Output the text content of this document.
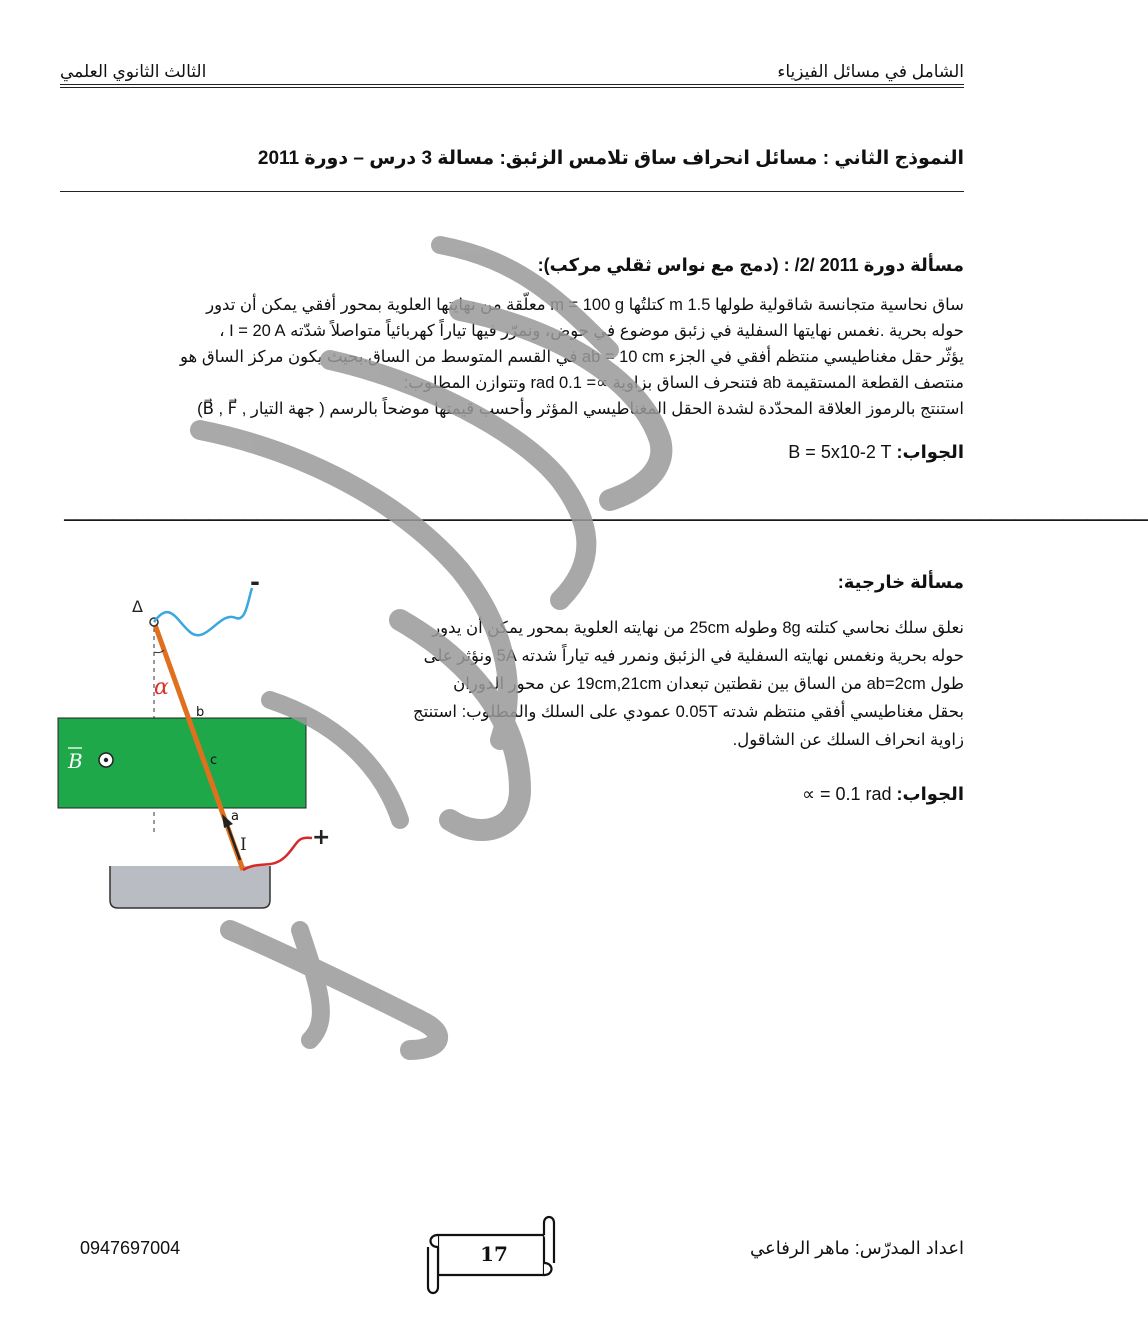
الشامل في مسائل الفيزياء
الثالث الثانوي العلمي
النموذج الثاني : مسائل انحراف ساق تلامس الزئبق: مسالة 3 درس – دورة 2011
مسألة دورة 2011 /2/ : (دمج مع نواس ثقلي مركب):

ساق نحاسية متجانسة شاقولية طولها 1.5 m كتلتُها m = 100 g معلّقة من نهايتها العلوية بمحور أفقي يمكن أن تدور

حوله بحرية .نغمس نهايتها السفلية في زئبق موضوع في حوض، ونمرّر فيها تياراً كهربائياً متواصلاً شدّته I = 20 A ،

يؤثّر حقل مغناطيسي منتظم أفقي في الجزء ab = 10 cm في القسم المتوسط من الساق.بحيث يكون مركز الساق هو

منتصف القطعة المستقيمة ab فتنحرف الساق بزاوية ∝= 0.1 rad وتتوازن المطلوب:

استنتج بالرموز العلاقة المحدّدة لشدة الحقل المغناطيسي المؤثر وأحسب قيمتها موضحاً بالرسم ( جهة التيار , B⃗ , F⃗)

الجواب: B = 5x10-2 T
──────────────────────────────────────────────────────────────────────────────────────────
مسألة خارجية:
نعلق سلك نحاسي كتلته 8g وطوله 25cm من نهايته العلوية بمحور يمكن أن يدور
حوله بحرية ونغمس نهايته السفلية في الزئبق ونمرر فيه تياراً شدته 5A ونؤثر على
طول ab=2cm من الساق بين نقطتين تبعدان 19cm,21cm عن محور الدوران
بحقل مغناطيسي أفقي منتظم شدته 0.05T عمودي على السلك والمطلوب: استنتج
زاوية انحراف السلك عن الشاقول.
الجواب: ∝ = 0.1 rad
B
Δ
α
b
c
a
I
-
+
اعداد المدرّس: ماهر الرفاعي
0947697004	17
